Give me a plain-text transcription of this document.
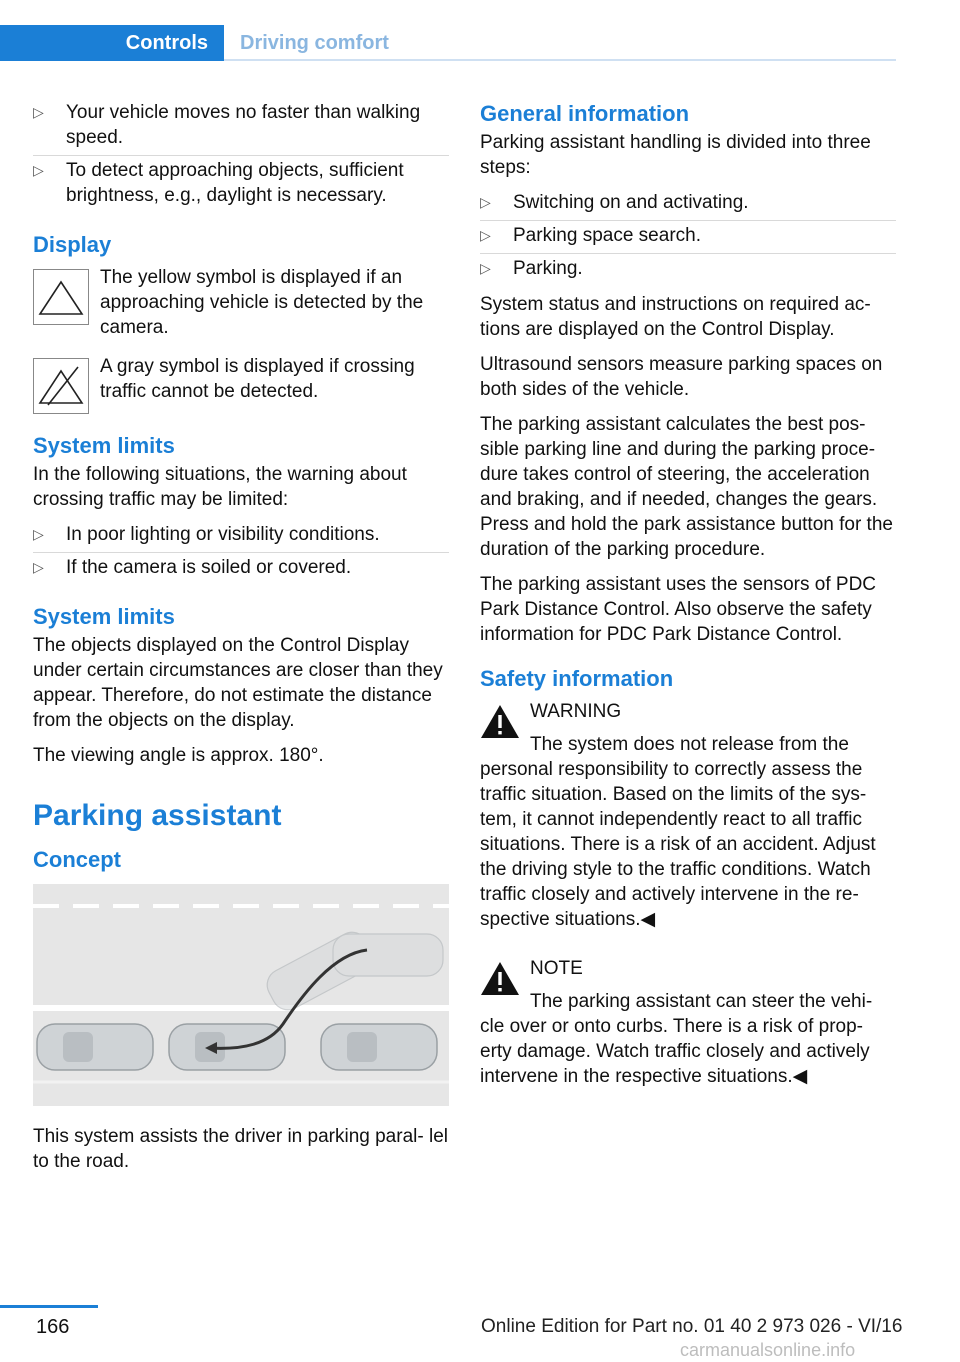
Controls	Driving comfort
▷ Your vehicle moves no faster than walking speed.
▷ To detect approaching objects, sufficient brightness, e.g., daylight is necessary.
Display

The yellow symbol is displayed if an approaching vehicle is detected by the camera.

A gray symbol is displayed if crossing traffic cannot be detected.

System limits

In the following situations, the warning about crossing traffic may be limited:

▷ In poor lighting or visibility conditions.
▷ If the camera is soiled or covered.
System limits

The objects displayed on the Control Display under certain circumstances are closer than they appear. Therefore, do not estimate the distance from the objects on the display.

The viewing angle is approx. 180°.

Parking assistant
Concept

This system assists the driver in parking paral‐ lel to the road.

General information

Parking assistant handling is divided into three steps:

▷ Switching on and activating.
▷ Parking space search.
▷ Parking.

System status and instructions on required ac‐ tions are displayed on the Control Display.

Ultrasound sensors measure parking spaces on both sides of the vehicle.

The parking assistant calculates the best pos‐ sible parking line and during the parking proce‐ dure takes control of steering, the acceleration and braking, and if needed, changes the gears. Press and hold the park assistance button for the duration of the parking procedure.

The parking assistant uses the sensors of PDC Park Distance Control. Also observe the safety information for PDC Park Distance Control.

Safety information
WARNING

The system does not release from the
personal responsibility to correctly assess the traffic situation. Based on the limits of the sys‐ tem, it cannot independently react to all traffic situations. There is a risk of an accident. Adjust the driving style to the traffic conditions. Watch traffic closely and actively intervene in the re‐ spective situations.◀

NOTE

The parking assistant can steer the vehi‐
cle over or onto curbs. There is a risk of prop‐ erty damage. Watch traffic closely and actively intervene in the respective situations.◀

166	Online Edition for Part no. 01 40 2 973 026 - VI/16
carmanualsonline.info
